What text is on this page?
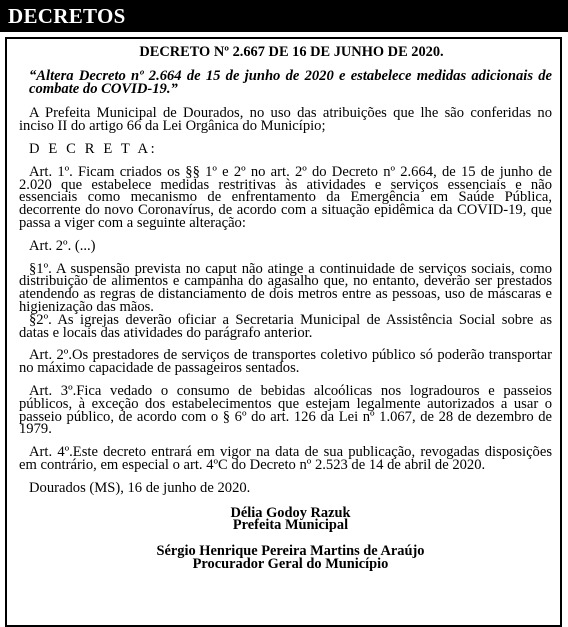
DECRETOS
DECRETO Nº 2.667 DE 16 DE JUNHO DE 2020.
“Altera Decreto nº 2.664 de 15 de junho de 2020 e estabelece medidas adicionais de combate do COVID-19.”

A Prefeita Municipal de Dourados, no uso das atribuições que lhe são conferidas no inciso II do artigo 66 da Lei Orgânica do Município;

D E C R E T A:

Art. 1º. Ficam criados os §§ 1º e 2º no art. 2º do Decreto nº 2.664, de 15 de junho de 2.020 que estabelece medidas restritivas às atividades e serviços essenciais e não essenciais como mecanismo de enfrentamento da Emergência em Saúde Pública, decorrente do novo Coronavírus, de acordo com a situação epidêmica da COVID-19, que passa a viger com a seguinte alteração:

Art. 2º. (...)

§1º. A suspensão prevista no caput não atinge a continuidade de serviços sociais, como distribuição de alimentos e campanha do agasalho que, no entanto, deverão ser prestados atendendo as regras de distanciamento de dois metros entre as pessoas, uso de máscaras e higienização das mãos.

§2º. As igrejas deverão oficiar a Secretaria Municipal de Assistência Social sobre as datas e locais das atividades do parágrafo anterior.

Art. 2º.Os prestadores de serviços de transportes coletivo público só poderão transportar no máximo capacidade de passageiros sentados.

Art. 3º.Fica vedado o consumo de bebidas alcoólicas nos logradouros e passeios públicos, à exceção dos estabelecimentos que estejam legalmente autorizados a usar o passeio público, de acordo com o § 6º do art. 126 da Lei nº 1.067, de 28 de dezembro de 1979.

Art. 4º.Este decreto entrará em vigor na data de sua publicação, revogadas disposições em contrário, em especial o art. 4ºC do Decreto nº 2.523 de 14 de abril de 2020.

Dourados (MS), 16 de junho de 2020.

Délia Godoy Razuk
Prefeita Municipal
Sérgio Henrique Pereira Martins de Araújo
Procurador Geral do Município
